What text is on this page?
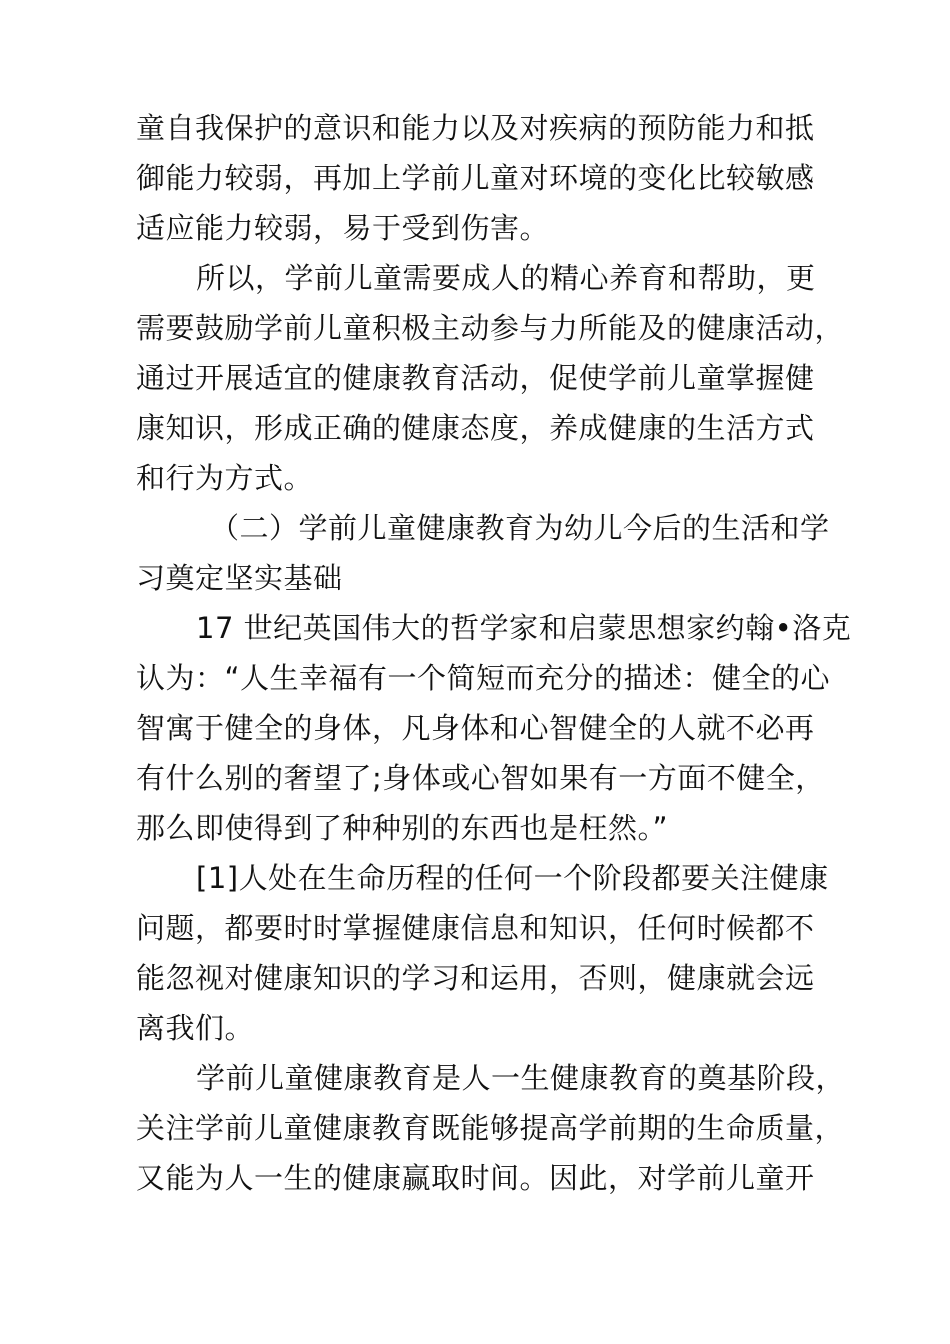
童自我保护的意识和能力以及对疾病的预防能力和抵
御能力较弱，再加上学前儿童对环境的变化比较敏感
适应能力较弱，易于受到伤害。
所以，学前儿童需要成人的精心养育和帮助，更
需要鼓励学前儿童积极主动参与力所能及的健康活动，
通过开展适宜的健康教育活动，促使学前儿童掌握健
康知识，形成正确的健康态度，养成健康的生活方式
和行为方式。
（二）学前儿童健康教育为幼儿今后的生活和学
习奠定坚实基础
17 世纪英国伟大的哲学家和启蒙思想家约翰•洛克
认为：“人生幸福有一个简短而充分的描述：健全的心
智寓于健全的身体，凡身体和心智健全的人就不必再
有什么别的奢望了;身体或心智如果有一方面不健全，
那么即使得到了种种别的东西也是枉然。”
[1]人处在生命历程的任何一个阶段都要关注健康
问题，都要时时掌握健康信息和知识，任何时候都不
能忽视对健康知识的学习和运用，否则，健康就会远
离我们。
学前儿童健康教育是人一生健康教育的奠基阶段，
关注学前儿童健康教育既能够提高学前期的生命质量，
又能为人一生的健康赢取时间。因此，对学前儿童开
